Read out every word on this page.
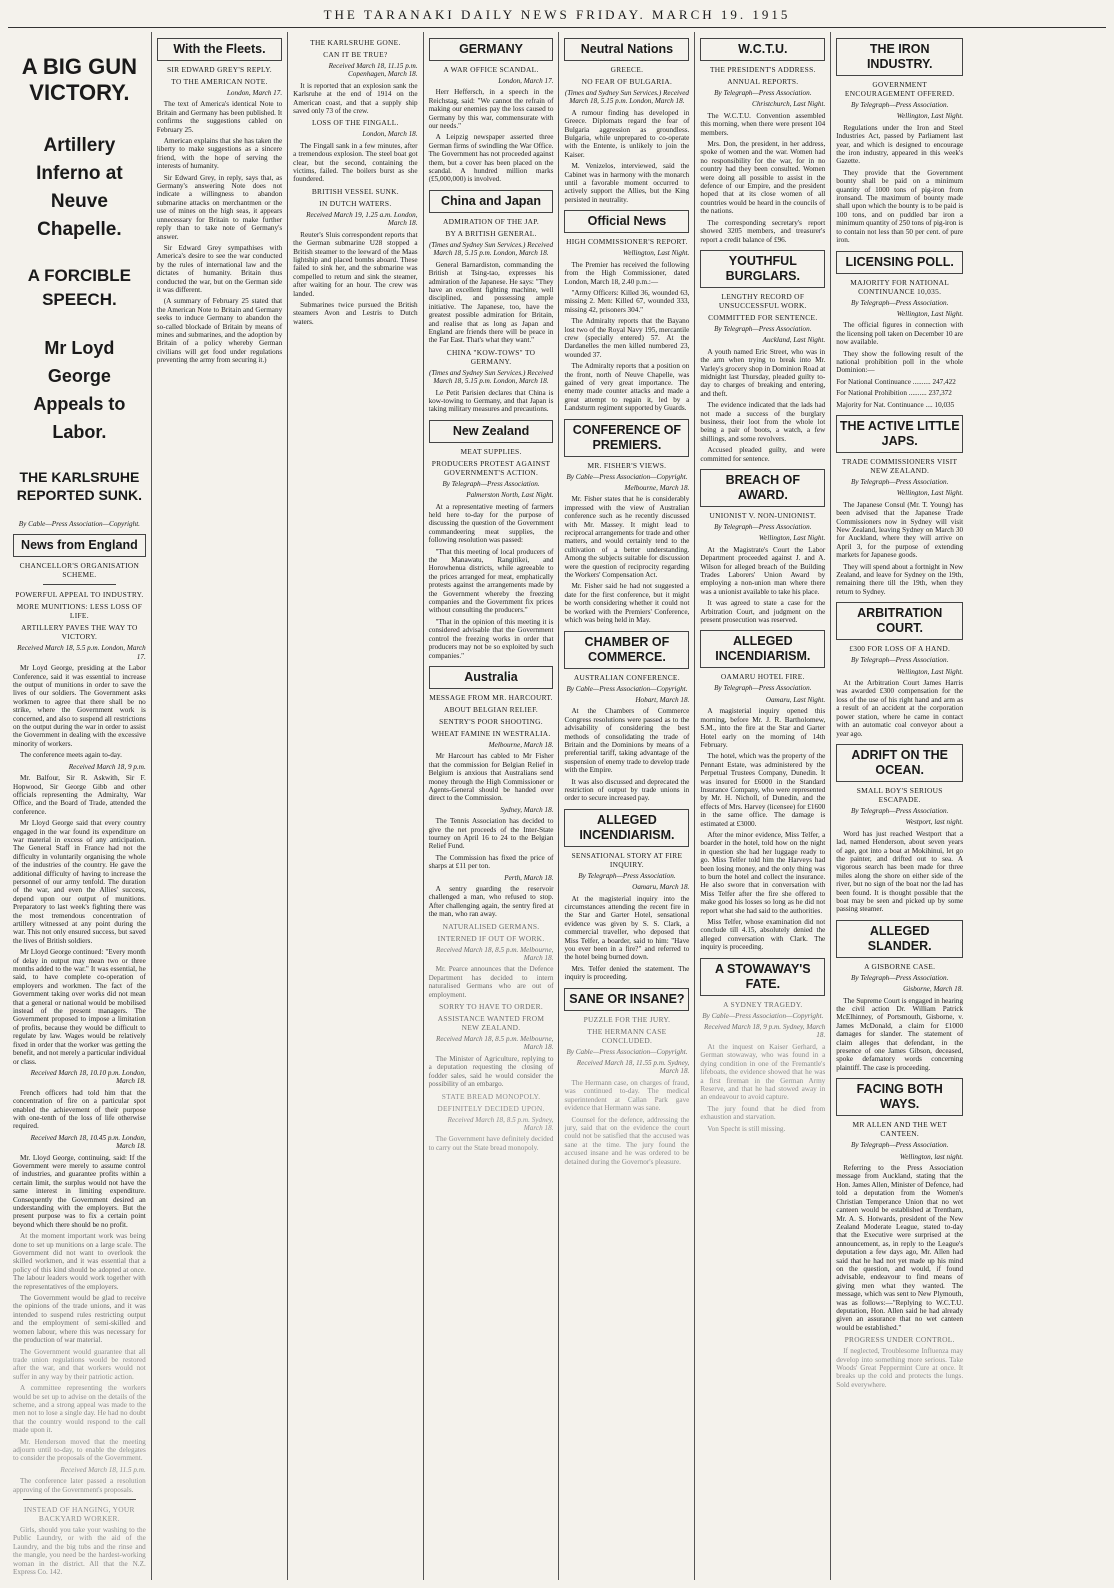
THE TARANAKI DAILY NEWS FRIDAY. MARCH 19. 1915
A BIG GUN VICTORY.
Artillery Inferno at Neuve Chapelle.
A FORCIBLE SPEECH.
Mr Loyd George Appeals to Labor.
THE KARLSRUHE REPORTED SUNK.

By Cable—Press Association—Copyright.

News from England
CHANCELLOR'S ORGANISATION SCHEME.
POWERFUL APPEAL TO INDUSTRY.
MORE MUNITIONS: LESS LOSS OF LIFE.
ARTILLERY PAVES THE WAY TO VICTORY.

Received March 18, 5.5 p.m. London, March 17.

Mr Loyd George, presiding at the Labor Conference, said it was essential to increase the output of munitions in order to save the lives of our soldiers. The Government asks workmen to agree that there shall be no strike, where the Government work is concerned, and also to suspend all restrictions on the output during the war in order to assist the Government in dealing with the excessive minority of workers.

The conference meets again to-day.

Received March 18, 9 p.m.

Mr. Balfour, Sir R. Askwith, Sir F. Hopwood, Sir George Gibb and other officials representing the Admiralty, War Office, and the Board of Trade, attended the conference.

Mr Lloyd George said that every country engaged in the war found its expenditure on war material in excess of any anticipation. The General Staff in France had not the difficulty in voluntarily organising the whole of the industries of the country. He gave the additional difficulty of having to increase the personnel of our army tenfold. The duration of the war, and even the Allies' success, depend upon our output of munitions. Preparatory to last week's fighting there was the most tremendous concentration of artillery witnessed at any point during the war. This not only ensured success, but saved the lives of British soldiers.

Mr Lloyd George continued: "Every month of delay in output may mean two or three months added to the war." It was essential, he said, to have complete co-operation of employers and workmen. The fact of the Government taking over works did not mean that a general or national would be mobilised instead of the present managers. The Government proposed to impose a limitation of profits, because they would be difficult to regulate by law. Wages would be relatively fixed in order that the worker was getting the benefit, and not merely a particular individual or class.

Received March 18, 10.10 p.m. London, March 18.

French officers had told him that the concentration of fire on a particular spot enabled the achievement of their purpose with one-tenth of the loss of life otherwise required.

Received March 18, 10.45 p.m. London, March 18.

Mr. Lloyd George, continuing, said: If the Government were merely to assume control of industries, and guarantee profits within a certain limit, the surplus would not have the same interest in limiting expenditure. Consequently the Government desired an understanding with the employers. But the present purpose was to fix a certain point beyond which there should be no profit.

At the moment important work was being done to set up munitions on a large scale. The Government did not want to overlook the skilled workmen, and it was essential that a policy of this kind should be adopted at once. The labour leaders would work together with the representatives of the employers.

The Government would be glad to receive the opinions of the trade unions, and it was intended to suspend rules restricting output and the employment of semi-skilled and women labour, where this was necessary for the production of war material.

The Government would guarantee that all trade union regulations would be restored after the war, and that workers would not suffer in any way by their patriotic action.

A committee representing the workers would be set up to advise on the details of the scheme, and a strong appeal was made to the men not to lose a single day. He had no doubt that the country would respond to the call made upon it.

Mr. Henderson moved that the meeting adjourn until to-day, to enable the delegates to consider the proposals of the Government.

Received March 18, 11.5 p.m.

The conference later passed a resolution approving of the Government's proposals.

INSTEAD OF HANGING, YOUR BACKYARD WORKER.

Girls, should you take your washing to the Public Laundry, or with the aid of the Laundry, and the big tubs and the rinse and the mangle, you need be the hardest-working woman in the district. All that the N.Z. Express Co. 142.

With the Fleets.
SIR EDWARD GREY'S REPLY.
TO THE AMERICAN NOTE.

London, March 17.

The text of America's identical Note to Britain and Germany has been published. It confirms the suggestions cabled on February 25.

American explains that she has taken the liberty to make suggestions as a sincere friend, with the hope of serving the interests of humanity.

Sir Edward Grey, in reply, says that, as Germany's answering Note does not indicate a willingness to abandon submarine attacks on merchantmen or the use of mines on the high seas, it appears unnecessary for Britain to make further reply than to take note of Germany's answer.

Sir Edward Grey sympathises with America's desire to see the war conducted by the rules of international law and the dictates of humanity. Britain thus conducted the war, but on the German side it was different.

(A summary of February 25 stated that the American Note to Britain and Germany seeks to induce Germany to abandon the so-called blockade of Britain by means of mines and submarines, and the adoption by Britain of a policy whereby German civilians will get food under regulations preventing the army from securing it.)

THE KARLSRUHE GONE.
CAN IT BE TRUE?

Received March 18, 11.15 p.m. Copenhagen, March 18.

It is reported that an explosion sank the Karlsruhe at the end of 1914 on the American coast, and that a supply ship saved only 73 of the crew.

LOSS OF THE FINGALL.

London, March 18.

The Fingall sank in a few minutes, after a tremendous explosion. The steel boat got clear, but the second, containing the victims, failed. The boilers burst as she foundered.

BRITISH VESSEL SUNK.
IN DUTCH WATERS.

Received March 19, 1.25 a.m. London, March 18.

Reuter's Sluis correspondent reports that the German submarine U28 stopped a British steamer to the leeward of the Maas lightship and placed bombs aboard. These failed to sink her, and the submarine was compelled to return and sink the steamer, after waiting for an hour. The crew was landed.

Submarines twice pursued the British steamers Avon and Lestris to Dutch waters.

GERMANY
A WAR OFFICE SCANDAL.

London, March 17.

Herr Heffersch, in a speech in the Reichstag, said: "We cannot the refrain of making our enemies pay the loss caused to Germany by this war, commensurate with our needs."

A Leipzig newspaper asserted three German firms of swindling the War Office. The Government has not proceeded against them, but a cover has been placed on the scandal. A hundred million marks (£5,000,000) is involved.

China and Japan
ADMIRATION OF THE JAP.
BY A BRITISH GENERAL.

(Times and Sydney Sun Services.) Received March 18, 5.15 p.m. London, March 18.

General Barnardiston, commanding the British at Tsing-tao, expresses his admiration of the Japanese. He says: "They have an excellent fighting machine, well disciplined, and possessing ample initiative. The Japanese, too, have the greatest possible admiration for Britain, and realise that as long as Japan and England are friends there will be peace in the Far East. That's what they want."

CHINA "KOW-TOWS" TO GERMANY.

(Times and Sydney Sun Services.) Received March 18, 5.15 p.m. London, March 18.

Le Petit Parisien declares that China is kow-towing to Germany, and that Japan is taking military measures and precautions.

New Zealand
MEAT SUPPLIES.
PRODUCERS PROTEST AGAINST GOVERNMENT'S ACTION.

By Telegraph—Press Association.

Palmerston North, Last Night.

At a representative meeting of farmers held here to-day for the purpose of discussing the question of the Government commandeering meat supplies, the following resolution was passed:

"That this meeting of local producers of the Manawatu, Rangitikei, and Horowhenua districts, while agreeable to the prices arranged for meat, emphatically protests against the arrangements made by the Government whereby the freezing companies and the Government fix prices without consulting the producers."

"That in the opinion of this meeting it is considered advisable that the Government control the freezing works in order that producers may not be so exploited by such companies."

Australia
MESSAGE FROM MR. HARCOURT.
ABOUT BELGIAN RELIEF.
SENTRY'S POOR SHOOTING.
WHEAT FAMINE IN WESTRALIA.

Melbourne, March 18.

Mr Harcourt has cabled to Mr Fisher that the commission for Belgian Relief in Belgium is anxious that Australians send money through the High Commissioner or Agents-General should be handed over direct to the Commission.

Sydney, March 18.

The Tennis Association has decided to give the net proceeds of the Inter-State tourney on April 16 to 24 to the Belgian Relief Fund.

The Commission has fixed the price of sharps at £11 per ton.

Perth, March 18.

A sentry guarding the reservoir challenged a man, who refused to stop. After challenging again, the sentry fired at the man, who ran away.

NATURALISED GERMANS.
INTERNED IF OUT OF WORK.

Received March 18, 8.5 p.m. Melbourne, March 18.

Mr. Pearce announces that the Defence Department has decided to intern naturalised Germans who are out of employment.

SORRY TO HAVE TO ORDER.
ASSISTANCE WANTED FROM NEW ZEALAND.

Received March 18, 8.5 p.m. Melbourne, March 18.

The Minister of Agriculture, replying to a deputation requesting the closing of fodder sales, said he would consider the possibility of an embargo.

STATE BREAD MONOPOLY.
DEFINITELY DECIDED UPON.

Received March 18, 8.5 p.m. Sydney, March 18.

The Government have definitely decided to carry out the State bread monopoly.

Neutral Nations
GREECE.
NO FEAR OF BULGARIA.

(Times and Sydney Sun Services.) Received March 18, 5.15 p.m. London, March 18.

A rumour finding has developed in Greece. Diplomats regard the fear of Bulgaria aggression as groundless. Bulgaria, while unprepared to co-operate with the Entente, is unlikely to join the Kaiser.

M. Venizelos, interviewed, said the Cabinet was in harmony with the monarch until a favorable moment occurred to actively support the Allies, but the King persisted in neutrality.

Official News
HIGH COMMISSIONER'S REPORT.

Wellington, Last Night.

The Premier has received the following from the High Commissioner, dated London, March 18, 2.40 p.m.:—

"Army Officers: Killed 36, wounded 63, missing 2. Men: Killed 67, wounded 333, missing 42, prisoners 304."

The Admiralty reports that the Bayano lost two of the Royal Navy 195, mercantile crew (specially entered) 57. At the Dardanelles the men killed numbered 23, wounded 37.

The Admiralty reports that a position on the front, north of Neuve Chapelle, was gained of very great importance. The enemy made counter attacks and made a great attempt to regain it, led by a Landsturm regiment supported by Guards.

CONFERENCE OF PREMIERS.
MR. FISHER'S VIEWS.

By Cable—Press Association—Copyright.

Melbourne, March 18.

Mr. Fisher states that he is considerably impressed with the view of Australian conference such as he recently discussed with Mr. Massey. It might lead to reciprocal arrangements for trade and other matters, and would certainly tend to the cultivation of a better understanding. Among the subjects suitable for discussion were the question of reciprocity regarding the Workers' Compensation Act.

Mr. Fisher said he had not suggested a date for the first conference, but it might be worth considering whether it could not be worked with the Premiers' Conference, which was being held in May.

CHAMBER OF COMMERCE.
AUSTRALIAN CONFERENCE.

By Cable—Press Association—Copyright.

Hobart, March 18.

At the Chambers of Commerce Congress resolutions were passed as to the advisability of considering the best methods of consolidating the trade of Britain and the Dominions by means of a preferential tariff, taking advantage of the suspension of enemy trade to develop trade with the Empire.

It was also discussed and deprecated the restriction of output by trade unions in order to secure increased pay.

ALLEGED INCENDIARISM.
SENSATIONAL STORY AT FIRE INQUIRY.

By Telegraph—Press Association.

Oamaru, March 18.

At the magisterial inquiry into the circumstances attending the recent fire in the Star and Garter Hotel, sensational evidence was given by S. S. Clark, a commercial traveller, who deposed that Miss Telfer, a boarder, said to him: "Have you ever been in a fire?" and referred to the hotel being burned down.

Mrs. Telfer denied the statement. The inquiry is proceeding.

SANE OR INSANE?
PUZZLE FOR THE JURY.
THE HERMANN CASE CONCLUDED.

By Cable—Press Association—Copyright.

Received March 18, 11.55 p.m. Sydney, March 18.

The Hermann case, on charges of fraud, was continued to-day. The medical superintendent at Callan Park gave evidence that Hermann was sane.

Counsel for the defence, addressing the jury, said that on the evidence the court could not be satisfied that the accused was sane at the time. The jury found the accused insane and he was ordered to be detained during the Governor's pleasure.

W.C.T.U.
THE PRESIDENT'S ADDRESS.
ANNUAL REPORTS.

By Telegraph—Press Association.

Christchurch, Last Night.

The W.C.T.U. Convention assembled this morning, when there were present 104 members.

Mrs. Don, the president, in her address, spoke of women and the war. Women had no responsibility for the war, for in no country had they been consulted. Women were doing all possible to assist in the defence of our Empire, and the president hoped that at its close women of all countries would be heard in the councils of the nations.

The corresponding secretary's report showed 3205 members, and treasurer's report a credit balance of £96.

YOUTHFUL BURGLARS.
LENGTHY RECORD OF UNSUCCESSFUL WORK.
COMMITTED FOR SENTENCE.

By Telegraph—Press Association.

Auckland, Last Night.

A youth named Eric Street, who was in the arm when trying to break into Mr. Varley's grocery shop in Dominion Road at midnight last Thursday, pleaded guilty to-day to charges of breaking and entering, and theft.

The evidence indicated that the lads had not made a success of the burglary business, their loot from the whole lot being a pair of boots, a watch, a few shillings, and some revolvers.

Accused pleaded guilty, and were committed for sentence.

BREACH OF AWARD.
UNIONIST V. NON-UNIONIST.

By Telegraph—Press Association.

Wellington, Last Night.

At the Magistrate's Court the Labor Department proceeded against J. and A. Wilson for alleged breach of the Building Trades Laborers' Union Award by employing a non-union man where there was a unionist available to take his place.

It was agreed to state a case for the Arbitration Court, and judgment on the present prosecution was reserved.

ALLEGED INCENDIARISM.
OAMARU HOTEL FIRE.

By Telegraph—Press Association.

Oamaru, Last Night.

A magisterial inquiry opened this morning, before Mr. J. R. Bartholomew, S.M., into the fire at the Star and Garter Hotel early on the morning of 14th February.

The hotel, which was the property of the Pennant Estate, was administered by the Perpetual Trustees Company, Dunedin. It was insured for £6000 in the Standard Insurance Company, who were represented by Mr. H. Nicholl, of Dunedin, and the effects of Mrs. Harvey (licensee) for £1600 in the same office. The damage is estimated at £3000.

After the minor evidence, Miss Telfer, a boarder in the hotel, told how on the night in question she had her luggage ready to go. Miss Telfer told him the Harveys had been losing money, and the only thing was to burn the hotel and collect the insurance. He also swore that in conversation with Miss Telfer after the fire she offered to make good his losses so long as he did not report what she had said to the authorities.

Miss Telfer, whose examination did not conclude till 4.15, absolutely denied the alleged conversation with Clark. The inquiry is proceeding.

A STOWAWAY'S FATE.
A SYDNEY TRAGEDY.

By Cable—Press Association—Copyright.

Received March 18, 9 p.m. Sydney, March 18.

At the inquest on Kaiser Gerhard, a German stowaway, who was found in a dying condition in one of the Fremantle's lifeboats, the evidence showed that he was a first fireman in the German Army Reserve, and that he had stowed away in an endeavour to avoid capture.

The jury found that he died from exhaustion and starvation.

Von Specht is still missing.

THE IRON INDUSTRY.
GOVERNMENT ENCOURAGEMENT OFFERED.

By Telegraph—Press Association.

Wellington, Last Night.

Regulations under the Iron and Steel Industries Act, passed by Parliament last year, and which is designed to encourage the iron industry, appeared in this week's Gazette.

They provide that the Government bounty shall be paid on a minimum quantity of 1000 tons of pig-iron from ironsand. The maximum of bounty made shall upon which the bounty is to be paid is 100 tons, and on puddled bar iron a minimum quantity of 250 tons of pig-iron is to contain not less than 50 per cent. of pure iron.

LICENSING POLL.
MAJORITY FOR NATIONAL CONTINUANCE 10,035.

By Telegraph—Press Association.

Wellington, Last Night.

The official figures in connection with the licensing poll taken on December 10 are now available.

They show the following result of the national prohibition poll in the whole Dominion:—

For National Continuance .......... 247,422

For National Prohibition .......... 237,372

Majority for Nat. Continuance .... 10,035

THE ACTIVE LITTLE JAPS.
TRADE COMMISSIONERS VISIT NEW ZEALAND.

By Telegraph—Press Association.

Wellington, Last Night.

The Japanese Consul (Mr. T. Young) has been advised that the Japanese Trade Commissioners now in Sydney will visit New Zealand, leaving Sydney on March 30 for Auckland, where they will arrive on April 3, for the purpose of extending markets for Japanese goods.

They will spend about a fortnight in New Zealand, and leave for Sydney on the 19th, remaining there till the 19th, when they return to Sydney.

ARBITRATION COURT.
£300 FOR LOSS OF A HAND.

By Telegraph—Press Association.

Wellington, Last Night.

At the Arbitration Court James Harris was awarded £300 compensation for the loss of the use of his right hand and arm as a result of an accident at the corporation power station, where he came in contact with an automatic coal conveyor about a year ago.

ADRIFT ON THE OCEAN.
SMALL BOY'S SERIOUS ESCAPADE.

By Telegraph—Press Association.

Westport, last night.

Word has just reached Westport that a lad, named Henderson, about seven years of age, got into a boat at Mokihinui, let go the painter, and drifted out to sea. A vigorous search has been made for three miles along the shore on either side of the river, but no sign of the boat nor the lad has been found. It is thought possible that the boat may be seen and picked up by some passing steamer.

ALLEGED SLANDER.
A GISBORNE CASE.

By Telegraph—Press Association.

Gisborne, March 18.

The Supreme Court is engaged in hearing the civil action Dr. William Patrick McElhinney, of Portsmouth, Gisborne, v. James McDonald, a claim for £1000 damages for slander. The statement of claim alleges that defendant, in the presence of one James Gibson, deceased, spoke defamatory words concerning plaintiff. The case is proceeding.

FACING BOTH WAYS.
MR ALLEN AND THE WET CANTEEN.

By Telegraph—Press Association.

Wellington, last night.

Referring to the Press Association message from Auckland, stating that the Hon. James Allen, Minister of Defence, had told a deputation from the Women's Christian Temperance Union that no wet canteen would be established at Trentham, Mr. A. S. Hotwards, president of the New Zealand Moderate League, stated to-day that the Executive were surprised at the announcement, as, in reply to the League's deputation a few days ago, Mr. Allen had said that he had not yet made up his mind on the question, and would, if found advisable, endeavour to find means of giving men what they wanted. The message, which was sent to New Plymouth, was as follows:—"Replying to W.C.T.U. deputation, Hon. Allen said he had already given an assurance that no wet canteen would be established."

PROGRESS UNDER CONTROL.

If neglected, Troublesome Influenza may develop into something more serious. Take Woods' Great Peppermint Cure at once. It breaks up the cold and protects the lungs. Sold everywhere.
